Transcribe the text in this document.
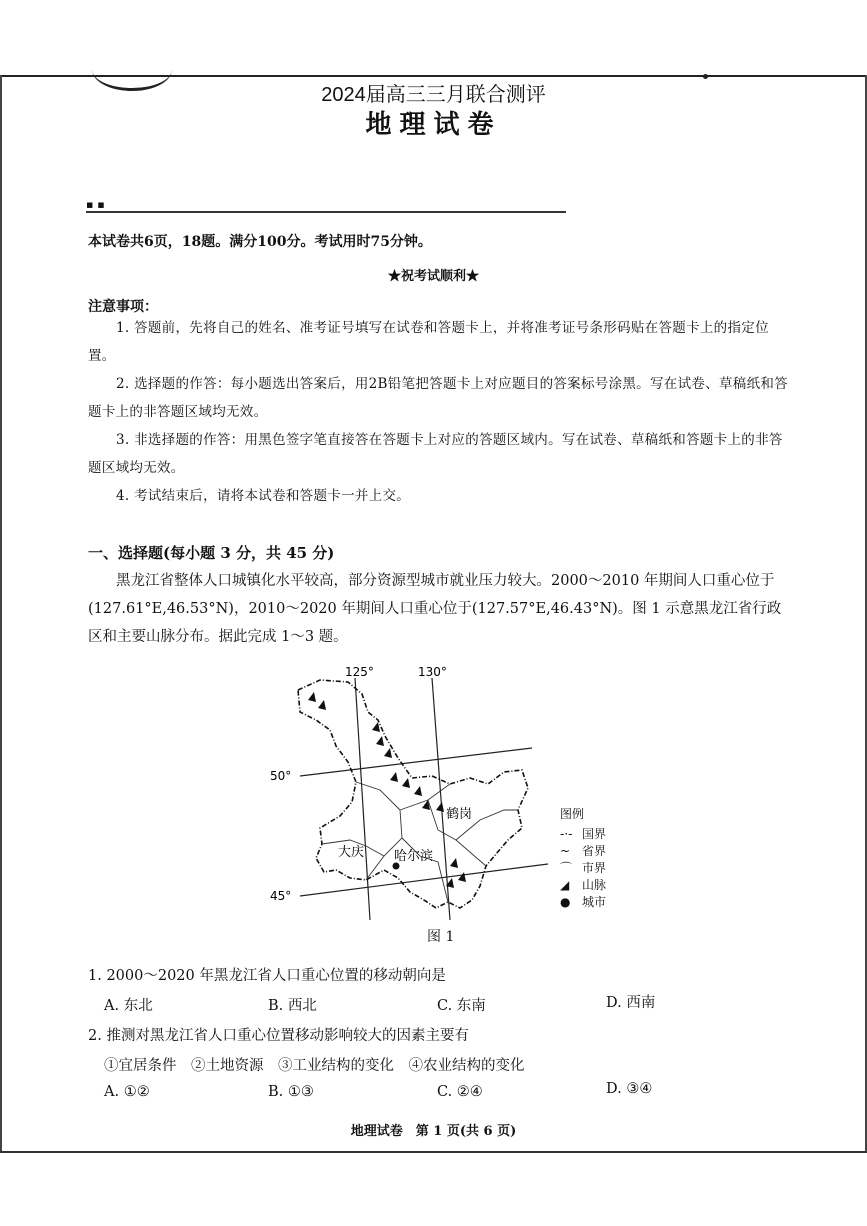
2024届高三三月联合测评
地理试卷
▪ ▪
本试卷共6页，18题。满分100分。考试用时75分钟。
★祝考试顺利★
注意事项：
1. 答题前，先将自己的姓名、准考证号填写在试卷和答题卡上，并将准考证号条形码贴在答题卡上的指定位置。
2. 选择题的作答：每小题选出答案后，用2B铅笔把答题卡上对应题目的答案标号涂黑。写在试卷、草稿纸和答题卡上的非答题区域均无效。
3. 非选择题的作答：用黑色签字笔直接答在答题卡上对应的答题区域内。写在试卷、草稿纸和答题卡上的非答题区域均无效。
4. 考试结束后，请将本试卷和答题卡一并上交。
一、选择题(每小题 3 分，共 45 分)
黑龙江省整体人口城镇化水平较高，部分资源型城市就业压力较大。2000～2010 年期间人口重心位于(127.61°E,46.53°N)，2010～2020 年期间人口重心位于(127.57°E,46.43°N)。图 1 示意黑龙江省行政区和主要山脉分布。据此完成 1～3 题。
125°	130°
50°
45°
大庆 哈尔滨
鹤岗	图例
-·- 国界
~ 省界
⌒ 市界
◢	山脉
● 城市
图 1
1. 2000～2020 年黑龙江省人口重心位置的移动朝向是
A. 东北	B. 西北	C. 东南	D. 西南
2. 推测对黑龙江省人口重心位置移动影响较大的因素主要有
①宜居条件　②土地资源　③工业结构的变化　④农业结构的变化
A. ①②	B. ①③	C. ②④	D. ③④
地理试卷　第 1 页(共 6 页)
